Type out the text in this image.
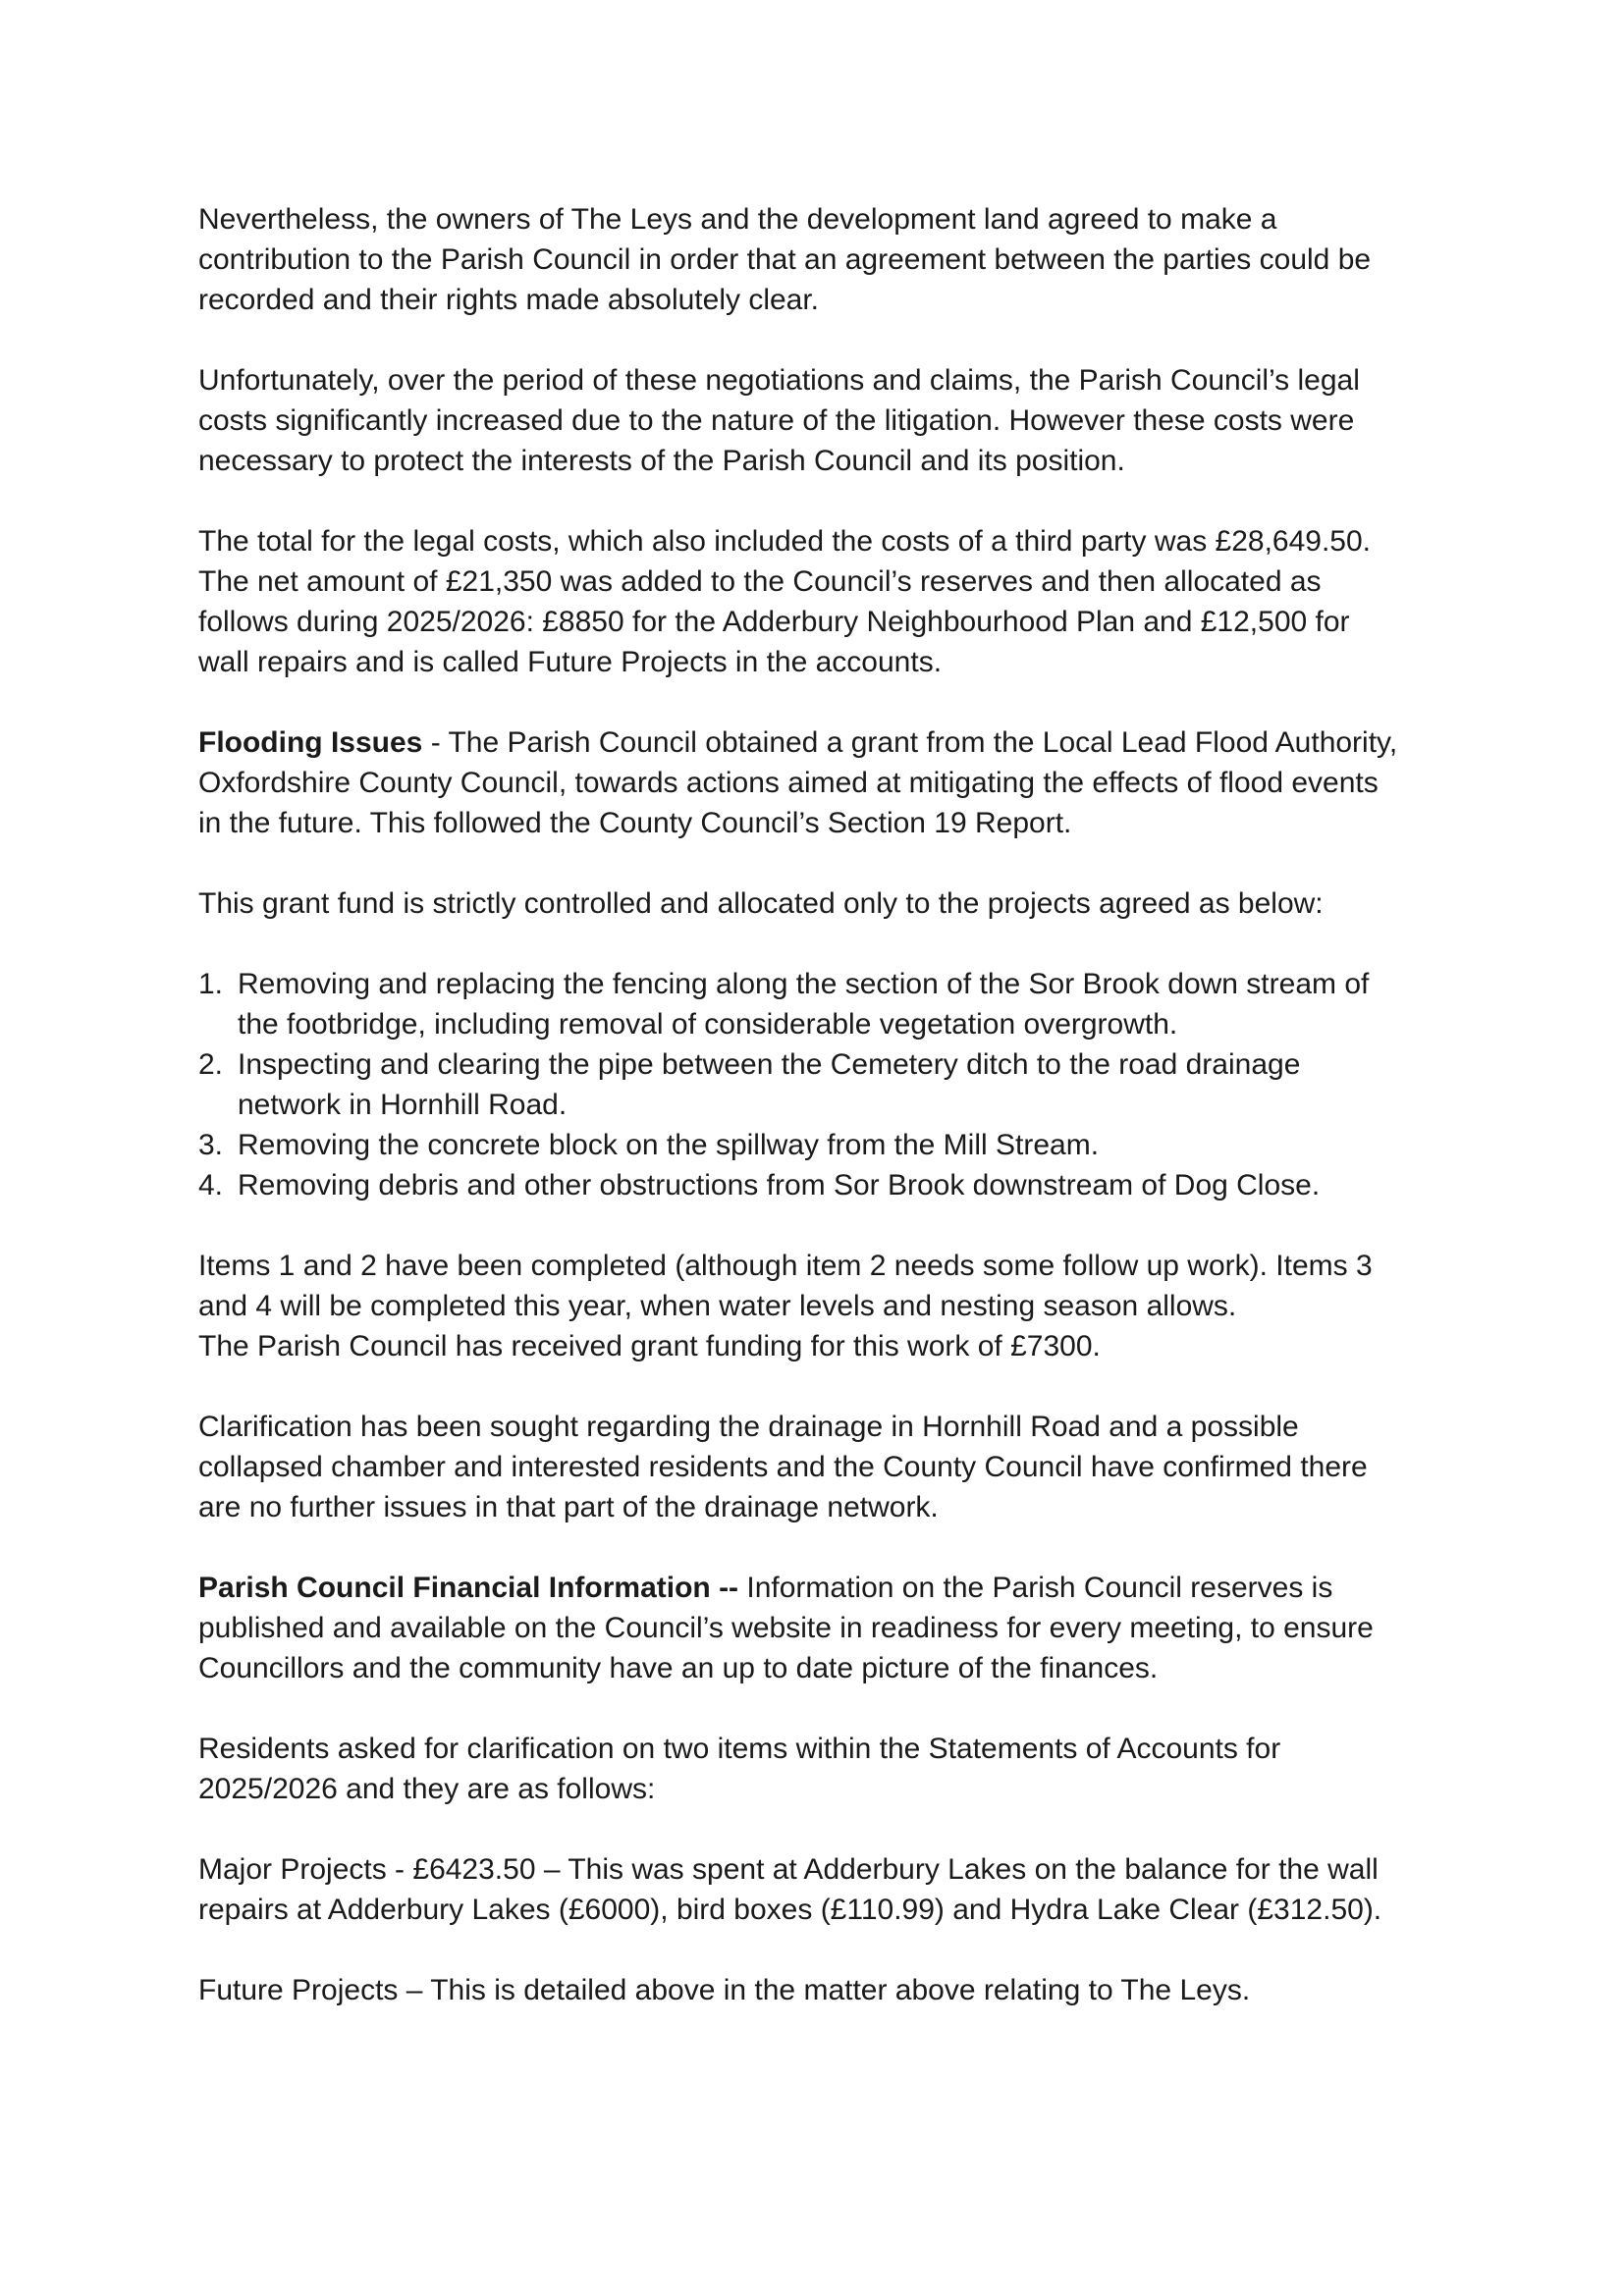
Nevertheless, the owners of The Leys and the development land agreed to make a
contribution to the Parish Council in order that an agreement between the parties could be
recorded and their rights made absolutely clear.

Unfortunately, over the period of these negotiations and claims, the Parish Council’s legal
costs significantly increased due to the nature of the litigation. However these costs were
necessary to protect the interests of the Parish Council and its position.

The total for the legal costs, which also included the costs of a third party was £28,649.50.
The net amount of £21,350 was added to the Council’s reserves and then allocated as
follows during 2025/2026: £8850 for the Adderbury Neighbourhood Plan and £12,500 for
wall repairs and is called Future Projects in the accounts.

Flooding Issues - The Parish Council obtained a grant from the Local Lead Flood Authority,
Oxfordshire County Council, towards actions aimed at mitigating the effects of flood events
in the future. This followed the County Council’s Section 19 Report.

This grant fund is strictly controlled and allocated only to the projects agreed as below:

1. Removing and replacing the fencing along the section of the Sor Brook down stream of
the footbridge, including removal of considerable vegetation overgrowth.
2. Inspecting and clearing the pipe between the Cemetery ditch to the road drainage
network in Hornhill Road.
3. Removing the concrete block on the spillway from the Mill Stream.
4. Removing debris and other obstructions from Sor Brook downstream of Dog Close.

Items 1 and 2 have been completed (although item 2 needs some follow up work). Items 3
and 4 will be completed this year, when water levels and nesting season allows.
The Parish Council has received grant funding for this work of £7300.

Clarification has been sought regarding the drainage in Hornhill Road and a possible
collapsed chamber and interested residents and the County Council have confirmed there
are no further issues in that part of the drainage network.

Parish Council Financial Information -- Information on the Parish Council reserves is
published and available on the Council’s website in readiness for every meeting, to ensure
Councillors and the community have an up to date picture of the finances.

Residents asked for clarification on two items within the Statements of Accounts for
2025/2026 and they are as follows:

Major Projects - £6423.50 – This was spent at Adderbury Lakes on the balance for the wall
repairs at Adderbury Lakes (£6000), bird boxes (£110.99) and Hydra Lake Clear (£312.50).

Future Projects – This is detailed above in the matter above relating to The Leys.
